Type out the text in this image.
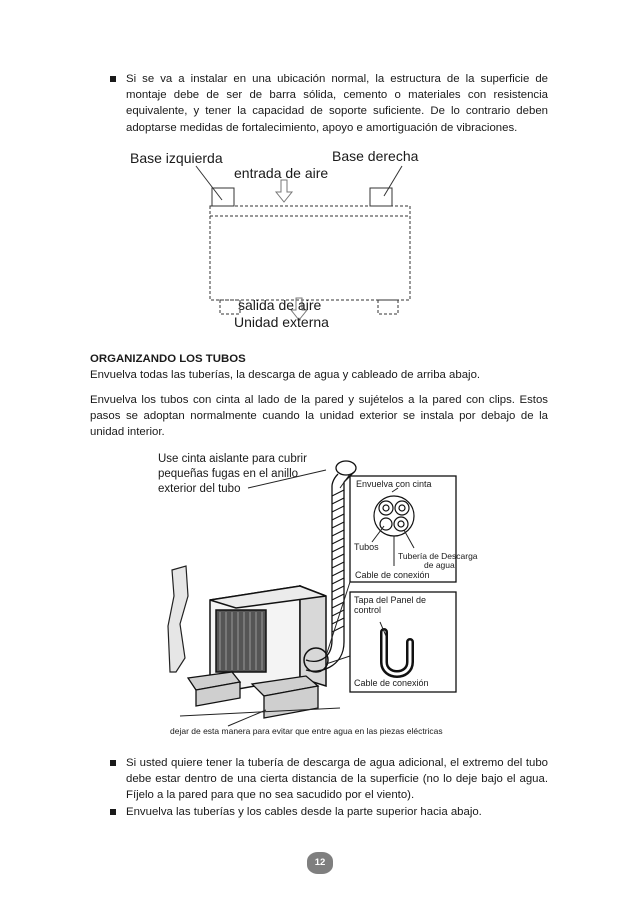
Si se va a instalar en una ubicación normal, la estructura de la superficie de montaje debe de ser de barra sólida, cemento o materiales con resistencia equivalente, y tener la capacidad de soporte suficiente. De lo contrario deben adoptarse medidas de fortalecimiento, apoyo e amortiguación de vibraciones.
Base izquierda	Base derecha
entrada de aire
salida de aire
Unidad externa

ORGANIZANDO LOS TUBOS

Envuelva todas las tuberías, la descarga de agua y cableado de arriba abajo.

Envuelva los tubos con cinta al lado de la pared y sujételos a la pared con clips. Estos pasos se adoptan normalmente cuando la unidad exterior se instala por debajo de la unidad interior.

Envuelva con cinta
Tubos
Tubería de Descarga
de agua
Cable de conexión
Tapa del Panel de
control
Cable de conexión
Use cinta aislante para cubrir
pequeñas fugas en el anillo
exterior del tubo
dejar de esta manera para evitar que entre agua en las piezas eléctricas
Si usted quiere tener la tubería de descarga de agua adicional, el extremo del tubo debe estar dentro de una cierta distancia de la superficie (no lo deje bajo el agua. Fíjelo a la pared para que no sea sacudido por el viento).
Envuelva las tuberías y los cables desde la parte superior hacia abajo.
12
